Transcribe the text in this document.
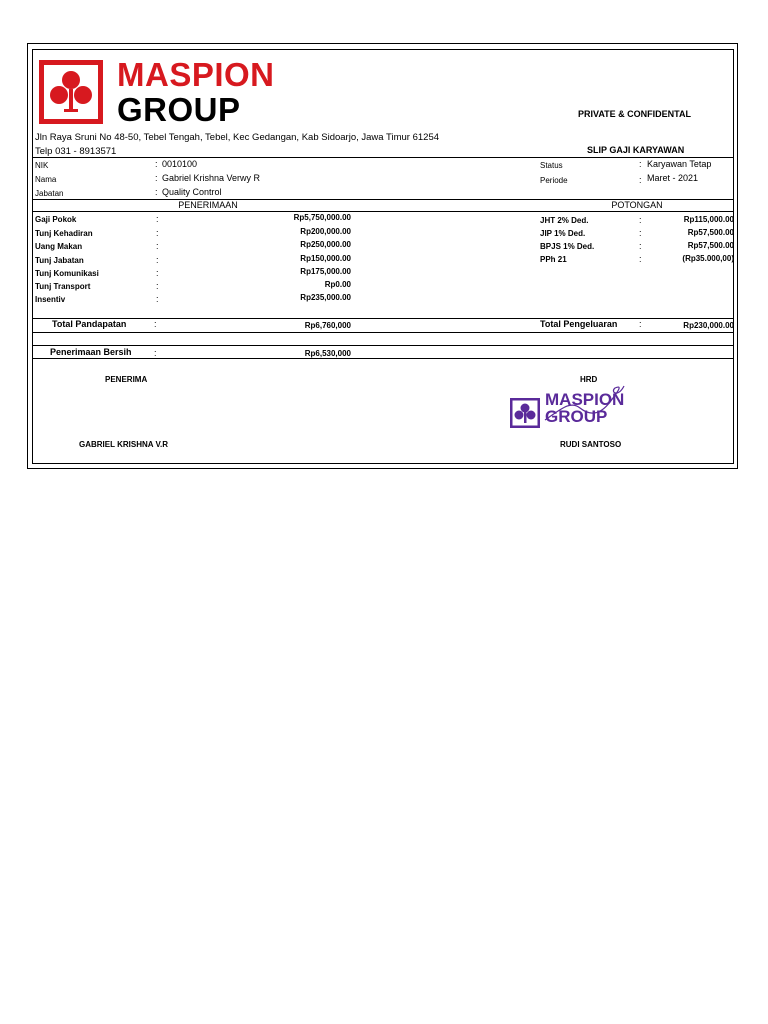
MASPION
GROUP	PRIVATE & CONFIDENTAL
Jln Raya Sruni No 48-50, Tebel Tengah, Tebel, Kec Gedangan, Kab Sidoarjo, Jawa Timur 61254
Telp 031 - 8913571	SLIP GAJI KARYAWAN
NIK	: 0010100
Nama	: Gabriel Krishna Verwy R
Jabatan	: Quality Control
Status	: Karyawan Tetap
Periode	: Maret - 2021
PENERIMAAN	POTONGAN
Gaji Pokok	:	Rp5,750,000.00
Tunj Kehadiran	:	Rp200,000.00
Uang Makan	:	Rp250,000.00
Tunj Jabatan	:	Rp150,000.00
Tunj Komunikasi	:	Rp175,000.00
Tunj Transport	:	Rp0.00
Insentiv	:	Rp235,000.00
JHT 2% Ded.	:	Rp115,000.00
JIP 1% Ded.	:	Rp57,500.00
BPJS 1% Ded.	:	Rp57,500.00
PPh 21	:	(Rp35.000,00)
Total Pandapatan	:	Rp6,760,000	Total Pengeluaran :	Rp230,000.00
Penerimaan Bersih :	Rp6,530,000
PENERIMA
GABRIEL KRISHNA V.R
HRD
RUDI SANTOSO
MASPION
GROUP
